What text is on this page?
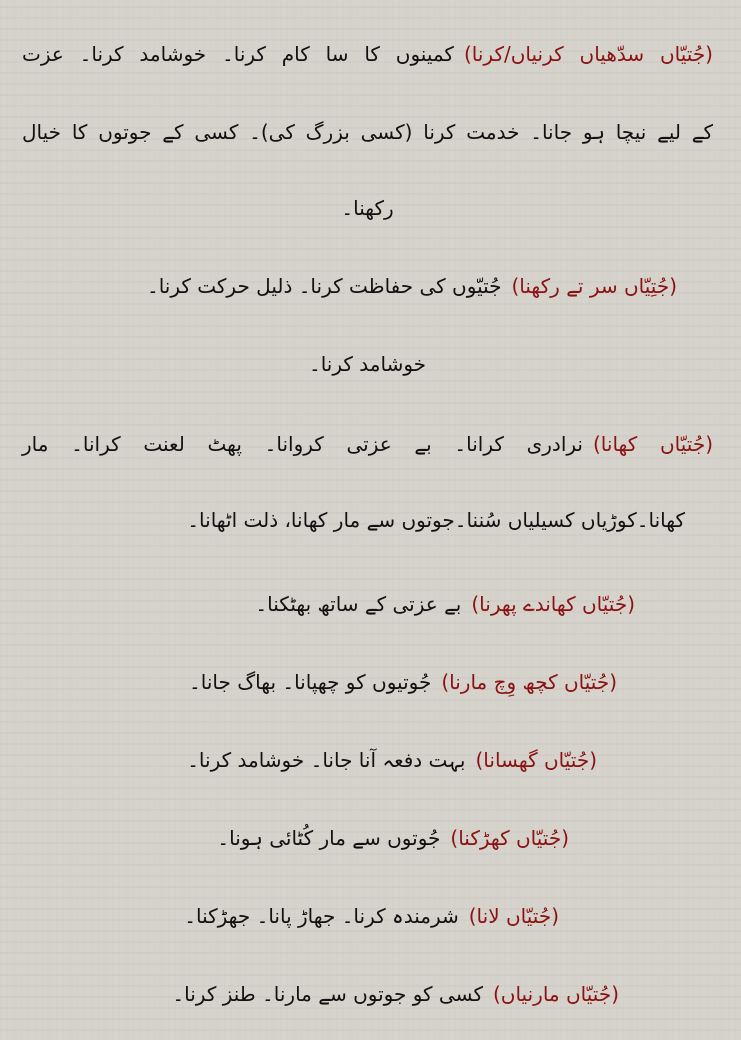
(جُتیّاں سدّھیاں کرنیاں/کرنا)کمینوں کا سا کام کرنا۔ خوشامد کرنا۔ عزت
کے لیے نیچا ہو جانا۔ خدمت کرنا (کسی بزرگ کی)۔ کسی کے جوتوں کا خیال
رکھنا۔
(جُتِیّاں سر تے رکھنا)جُتیّوں کی حفاظت کرنا۔ ذلیل حرکت کرنا۔
خوشامد کرنا۔
(جُتیّاں کھانا)نرادری کرانا۔ بے عزتی کروانا۔ پھٹ لعنت کرانا۔ مار
کھانا۔کوڑیاں کسیلیاں سُننا۔جوتوں سے مار کھانا، ذلت اٹھانا۔
(جُتیّاں کھاندے پھرنا)بے عزتی کے ساتھ بھٹکنا۔
(جُتیّاں کچھ وِچ مارنا)جُوتیوں کو چھپانا۔ بھاگ جانا۔
(جُتیّاں گھسانا)بہت دفعہ آنا جانا۔ خوشامد کرنا۔
(جُتیّاں کھڑکنا)جُوتوں سے مار کُٹائی ہونا۔
(جُتیّاں لانا)شرمندہ کرنا۔ جھاڑ پانا۔ جھڑکنا۔
(جُتیّاں مارنیاں)کسی کو جوتوں سے مارنا۔ طنز کرنا۔
